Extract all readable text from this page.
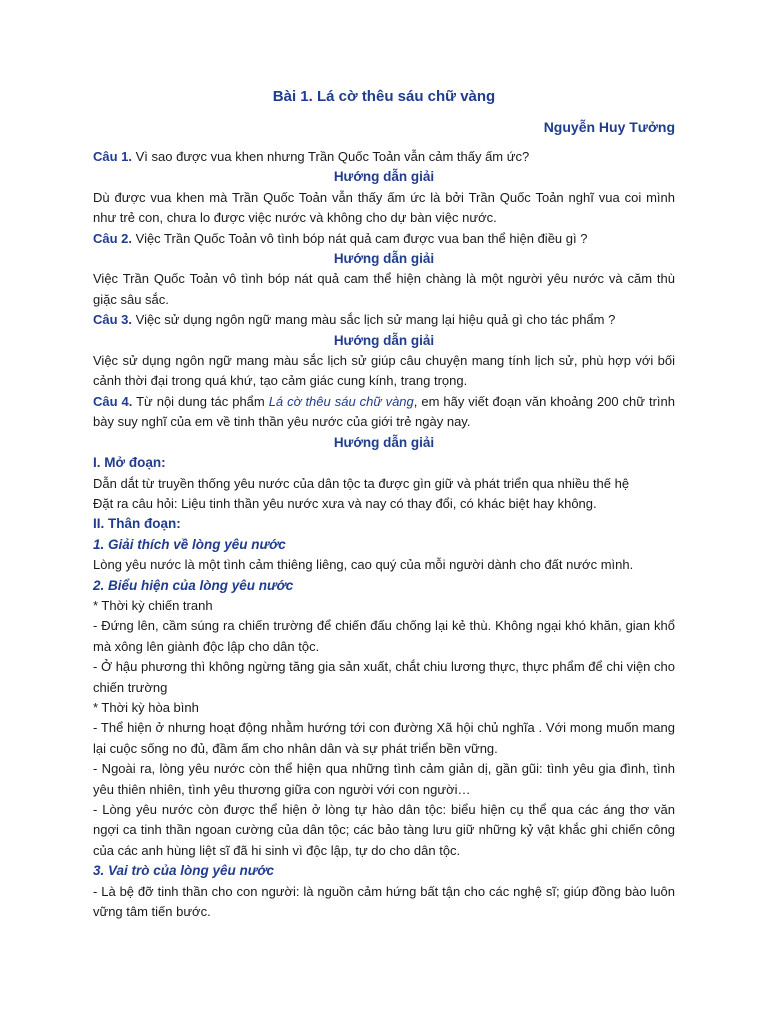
Bài 1. Lá cờ thêu sáu chữ vàng
Nguyễn Huy Tưởng

Câu 1. Vì sao được vua khen nhưng Trần Quốc Toản vẫn cảm thấy ấm ức?

Hướng dẫn giải

Dù được vua khen mà Trần Quốc Toản vẫn thấy ấm ức là bởi Trần Quốc Toản nghĩ vua coi mình như trẻ con, chưa lo được việc nước và không cho dự bàn việc nước.

Câu 2. Việc Trần Quốc Toản vô tình bóp nát quả cam được vua ban thể hiện điều gì ?

Hướng dẫn giải

Việc Trần Quốc Toản vô tình bóp nát quả cam thể hiện chàng là một người yêu nước và căm thù giặc sâu sắc.

Câu 3. Việc sử dụng ngôn ngữ mang màu sắc lịch sử mang lại hiệu quả gì cho tác phẩm ?

Hướng dẫn giải

Việc sử dụng ngôn ngữ mang màu sắc lịch sử giúp câu chuyện mang tính lịch sử, phù hợp với bối cảnh thời đại trong quá khứ, tạo cảm giác cung kính, trang trọng.

Câu 4. Từ nội dung tác phẩm Lá cờ thêu sáu chữ vàng, em hãy viết đoạn văn khoảng 200 chữ trình bày suy nghĩ của em về tinh thần yêu nước của giới trẻ ngày nay.

Hướng dẫn giải

I. Mở đoạn:

Dẫn dắt từ truyền thống yêu nước của dân tộc ta được gìn giữ và phát triển qua nhiều thế hệ

Đặt ra câu hỏi: Liệu tinh thần yêu nước xưa và nay có thay đổi, có khác biệt hay không.

II. Thân đoạn:

1. Giải thích về lòng yêu nước

Lòng yêu nước là một tình cảm thiêng liêng, cao quý của mỗi người dành cho đất nước mình.

2. Biểu hiện của lòng yêu nước

* Thời kỳ chiến tranh

- Đứng lên, cầm súng ra chiến trường để chiến đấu chống lại kẻ thù. Không ngại khó khăn, gian khổ mà xông lên giành độc lập cho dân tộc.

- Ở hậu phương thì không ngừng tăng gia sản xuất, chắt chiu lương thực, thực phẩm để chi viện cho chiến trường

* Thời kỳ hòa bình

- Thể hiện ở nhưng hoạt động nhằm hướng tới con đường Xã hội chủ nghĩa . Với mong muốn mang lại cuộc sống no đủ, đầm ấm cho nhân dân và sự phát triển bền vững.

- Ngoài ra, lòng yêu nước còn thể hiện qua những tình cảm giản dị, gần gũi: tình yêu gia đình, tình yêu thiên nhiên, tình yêu thương giữa con người với con người…

- Lòng yêu nước còn được thể hiện ở lòng tự hào dân tộc: biểu hiện cụ thể qua các áng thơ văn ngợi ca tinh thần ngoan cường của dân tộc; các bảo tàng lưu giữ những kỷ vật khắc ghi chiến công của các anh hùng liệt sĩ đã hi sinh vì độc lập, tự do cho dân tộc.

3. Vai trò của lòng yêu nước

- Là bệ đỡ tinh thần cho con người: là nguồn cảm hứng bất tận cho các nghệ sĩ; giúp đồng bào luôn vững tâm tiến bước.
